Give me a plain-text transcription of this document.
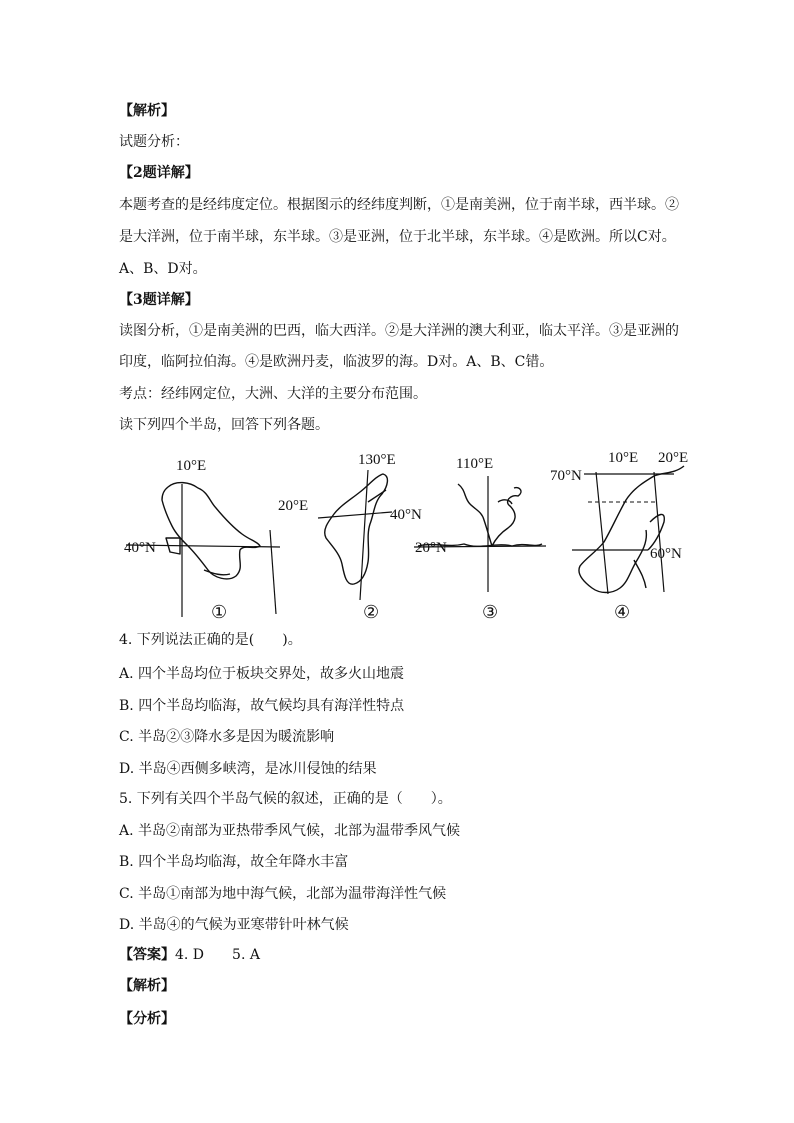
【解析】
试题分析：
【2题详解】
本题考查的是经纬度定位。根据图示的经纬度判断，①是南美洲，位于南半球，西半球。②
是大洋洲，位于南半球，东半球。③是亚洲，位于北半球，东半球。④是欧洲。所以C对。
A、B、D对。
【3题详解】
读图分析，①是南美洲的巴西，临大西洋。②是大洋洲的澳大利亚，临太平洋。③是亚洲的
印度，临阿拉伯海。④是欧洲丹麦，临波罗的海。D对。A、B、C错。
考点：经纬网定位，大洲、大洋的主要分布范围。
读下列四个半岛，回答下列各题。
10°E
40°N
①
130°E
20°E
40°N
②
110°E
20°N
③
10°E 20°E
70°N
60°N
④
4. 下列说法正确的是(　　)。
A. 四个半岛均位于板块交界处，故多火山地震
B. 四个半岛均临海，故气候均具有海洋性特点
C. 半岛②③降水多是因为暖流影响
D. 半岛④西侧多峡湾，是冰川侵蚀的结果
5. 下列有关四个半岛气候的叙述，正确的是（　　）。
A. 半岛②南部为亚热带季风气候，北部为温带季风气候
B. 四个半岛均临海，故全年降水丰富
C. 半岛①南部为地中海气候，北部为温带海洋性气候
D. 半岛④的气候为亚寒带针叶林气候
【答案】4. D　　5. A
【解析】
【分析】
